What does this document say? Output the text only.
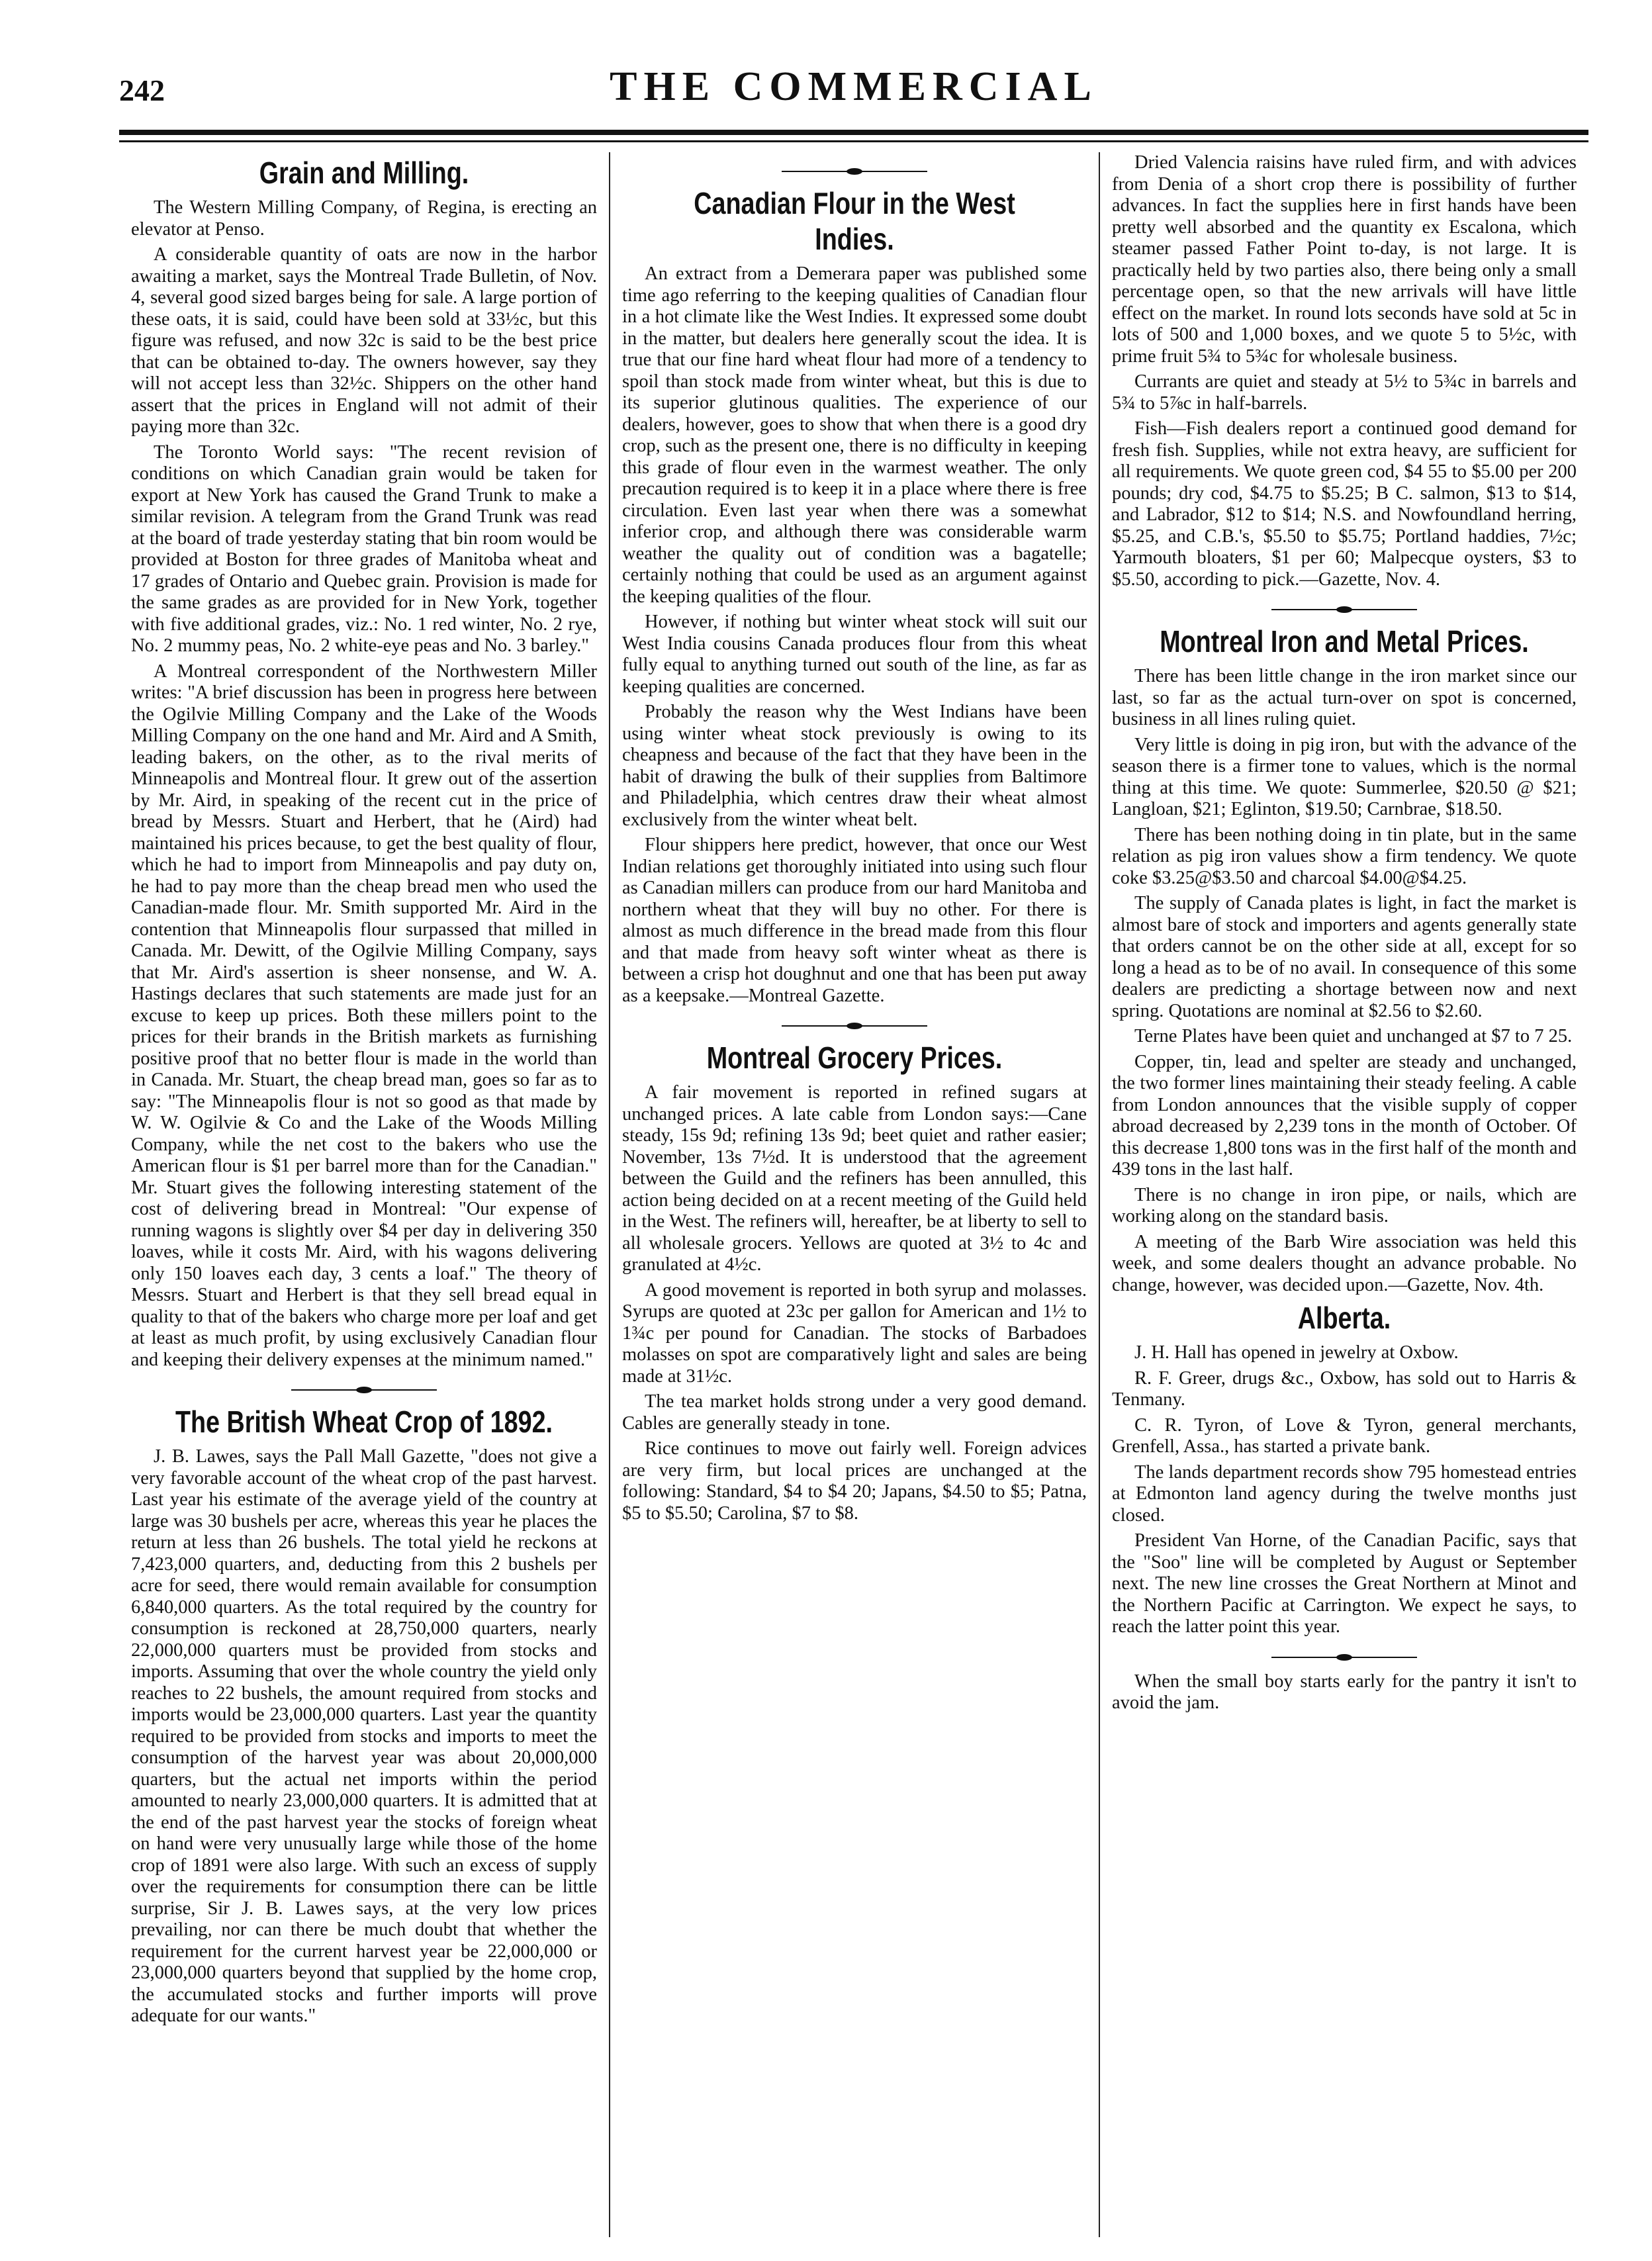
242	THE COMMERCIAL
Grain and Milling.

The Western Milling Company, of Regina, is erecting an elevator at Penso.

A considerable quantity of oats are now in the harbor awaiting a market, says the Montreal Trade Bulletin, of Nov. 4, several good sized barges being for sale. A large portion of these oats, it is said, could have been sold at 33½c, but this figure was refused, and now 32c is said to be the best price that can be obtained to-day. The owners however, say they will not accept less than 32½c. Shippers on the other hand assert that the prices in England will not admit of their paying more than 32c.

The Toronto World says: "The recent revision of conditions on which Canadian grain would be taken for export at New York has caused the Grand Trunk to make a similar revision. A telegram from the Grand Trunk was read at the board of trade yesterday stating that bin room would be provided at Boston for three grades of Manitoba wheat and 17 grades of Ontario and Quebec grain. Provision is made for the same grades as are provided for in New York, together with five additional grades, viz.: No. 1 red winter, No. 2 rye, No. 2 mummy peas, No. 2 white-eye peas and No. 3 barley."

A Montreal correspondent of the Northwestern Miller writes: "A brief discussion has been in progress here between the Ogilvie Milling Company and the Lake of the Woods Milling Company on the one hand and Mr. Aird and A Smith, leading bakers, on the other, as to the rival merits of Minneapolis and Montreal flour. It grew out of the assertion by Mr. Aird, in speaking of the recent cut in the price of bread by Messrs. Stuart and Herbert, that he (Aird) had maintained his prices because, to get the best quality of flour, which he had to import from Minneapolis and pay duty on, he had to pay more than the cheap bread men who used the Canadian-made flour. Mr. Smith supported Mr. Aird in the contention that Minneapolis flour surpassed that milled in Canada. Mr. Dewitt, of the Ogilvie Milling Company, says that Mr. Aird's assertion is sheer nonsense, and W. A. Hastings declares that such statements are made just for an excuse to keep up prices. Both these millers point to the prices for their brands in the British markets as furnishing positive proof that no better flour is made in the world than in Canada. Mr. Stuart, the cheap bread man, goes so far as to say: "The Minneapolis flour is not so good as that made by W. W. Ogilvie & Co and the Lake of the Woods Milling Company, while the net cost to the bakers who use the American flour is $1 per barrel more than for the Canadian." Mr. Stuart gives the following interesting statement of the cost of delivering bread in Montreal: "Our expense of running wagons is slightly over $4 per day in delivering 350 loaves, while it costs Mr. Aird, with his wagons delivering only 150 loaves each day, 3 cents a loaf." The theory of Messrs. Stuart and Herbert is that they sell bread equal in quality to that of the bakers who charge more per loaf and get at least as much profit, by using exclusively Canadian flour and keeping their delivery expenses at the minimum named."

The British Wheat Crop of 1892.

J. B. Lawes, says the Pall Mall Gazette, "does not give a very favorable account of the wheat crop of the past harvest. Last year his estimate of the average yield of the country at large was 30 bushels per acre, whereas this year he places the return at less than 26 bushels. The total yield he reckons at 7,423,000 quarters, and, deducting from this 2 bushels per acre for seed, there would remain available for consumption 6,840,000 quarters. As the total required by the country for consumption is reckoned at 28,750,000 quarters, nearly 22,000,000 quarters must be provided from stocks and imports. Assuming that over the whole country the yield only reaches to 22 bushels, the amount required from stocks and imports would be 23,000,000 quarters. Last year the quantity required to be provided from stocks and imports to meet the consumption of the harvest year was about 20,000,000 quarters, but the actual net imports within the period amounted to nearly 23,000,000 quarters. It is admitted that at the end of the past harvest year the stocks of foreign wheat on hand were very unusually large while those of the home crop of 1891 were also large. With such an excess of supply over the requirements for consumption there can be little surprise, Sir J. B. Lawes says, at the very low prices prevailing, nor can there be much doubt that whether the requirement for the current harvest year be 22,000,000 or 23,000,000 quarters beyond that supplied by the home crop, the accumulated stocks and further imports will prove adequate for our wants."

Canadian Flour in the West Indies.

An extract from a Demerara paper was published some time ago referring to the keeping qualities of Canadian flour in a hot climate like the West Indies. It expressed some doubt in the matter, but dealers here generally scout the idea. It is true that our fine hard wheat flour had more of a tendency to spoil than stock made from winter wheat, but this is due to its superior glutinous qualities. The experience of our dealers, however, goes to show that when there is a good dry crop, such as the present one, there is no difficulty in keeping this grade of flour even in the warmest weather. The only precaution required is to keep it in a place where there is free circulation. Even last year when there was a somewhat inferior crop, and although there was considerable warm weather the quality out of condition was a bagatelle; certainly nothing that could be used as an argument against the keeping qualities of the flour.

However, if nothing but winter wheat stock will suit our West India cousins Canada produces flour from this wheat fully equal to anything turned out south of the line, as far as keeping qualities are concerned.

Probably the reason why the West Indians have been using winter wheat stock previously is owing to its cheapness and because of the fact that they have been in the habit of drawing the bulk of their supplies from Baltimore and Philadelphia, which centres draw their wheat almost exclusively from the winter wheat belt.

Flour shippers here predict, however, that once our West Indian relations get thoroughly initiated into using such flour as Canadian millers can produce from our hard Manitoba and northern wheat that they will buy no other. For there is almost as much difference in the bread made from this flour and that made from heavy soft winter wheat as there is between a crisp hot doughnut and one that has been put away as a keepsake.—Montreal Gazette.

Montreal Grocery Prices.

A fair movement is reported in refined sugars at unchanged prices. A late cable from London says:—Cane steady, 15s 9d; refining 13s 9d; beet quiet and rather easier; November, 13s 7½d. It is understood that the agreement between the Guild and the refiners has been annulled, this action being decided on at a recent meeting of the Guild held in the West. The refiners will, hereafter, be at liberty to sell to all wholesale grocers. Yellows are quoted at 3½ to 4c and granulated at 4½c.

A good movement is reported in both syrup and molasses. Syrups are quoted at 23c per gallon for American and 1½ to 1¾c per pound for Canadian. The stocks of Barbadoes molasses on spot are comparatively light and sales are being made at 31½c.

The tea market holds strong under a very good demand. Cables are generally steady in tone.

Rice continues to move out fairly well. Foreign advices are very firm, but local prices are unchanged at the following: Standard, $4 to $4 20; Japans, $4.50 to $5; Patna, $5 to $5.50; Carolina, $7 to $8.

Dried Valencia raisins have ruled firm, and with advices from Denia of a short crop there is possibility of further advances. In fact the supplies here in first hands have been pretty well absorbed and the quantity ex Escalona, which steamer passed Father Point to-day, is not large. It is practically held by two parties also, there being only a small percentage open, so that the new arrivals will have little effect on the market. In round lots seconds have sold at 5c in lots of 500 and 1,000 boxes, and we quote 5 to 5½c, with prime fruit 5¾ to 5¾c for wholesale business.

Currants are quiet and steady at 5½ to 5¾c in barrels and 5¾ to 5⅞c in half-barrels.

Fish—Fish dealers report a continued good demand for fresh fish. Supplies, while not extra heavy, are sufficient for all requirements. We quote green cod, $4 55 to $5.00 per 200 pounds; dry cod, $4.75 to $5.25; B C. salmon, $13 to $14, and Labrador, $12 to $14; N.S. and Nowfoundland herring, $5.25, and C.B.'s, $5.50 to $5.75; Portland haddies, 7½c; Yarmouth bloaters, $1 per 60; Malpecque oysters, $3 to $5.50, according to pick.—Gazette, Nov. 4.

Montreal Iron and Metal Prices.

There has been little change in the iron market since our last, so far as the actual turn-over on spot is concerned, business in all lines ruling quiet.

Very little is doing in pig iron, but with the advance of the season there is a firmer tone to values, which is the normal thing at this time. We quote: Summerlee, $20.50 @ $21; Langloan, $21; Eglinton, $19.50; Carnbrae, $18.50.

There has been nothing doing in tin plate, but in the same relation as pig iron values show a firm tendency. We quote coke $3.25@$3.50 and charcoal $4.00@$4.25.

The supply of Canada plates is light, in fact the market is almost bare of stock and importers and agents generally state that orders cannot be on the other side at all, except for so long a head as to be of no avail. In consequence of this some dealers are predicting a shortage between now and next spring. Quotations are nominal at $2.56 to $2.60.

Terne Plates have been quiet and unchanged at $7 to 7 25.

Copper, tin, lead and spelter are steady and unchanged, the two former lines maintaining their steady feeling. A cable from London announces that the visible supply of copper abroad decreased by 2,239 tons in the month of October. Of this decrease 1,800 tons was in the first half of the month and 439 tons in the last half.

There is no change in iron pipe, or nails, which are working along on the standard basis.

A meeting of the Barb Wire association was held this week, and some dealers thought an advance probable. No change, however, was decided upon.—Gazette, Nov. 4th.

Alberta.

J. H. Hall has opened in jewelry at Oxbow.

R. F. Greer, drugs &c., Oxbow, has sold out to Harris & Tenmany.

C. R. Tyron, of Love & Tyron, general merchants, Grenfell, Assa., has started a private bank.

The lands department records show 795 homestead entries at Edmonton land agency during the twelve months just closed.

President Van Horne, of the Canadian Pacific, says that the "Soo" line will be completed by August or September next. The new line crosses the Great Northern at Minot and the Northern Pacific at Carrington. We expect he says, to reach the latter point this year.

When the small boy starts early for the pantry it isn't to avoid the jam.
